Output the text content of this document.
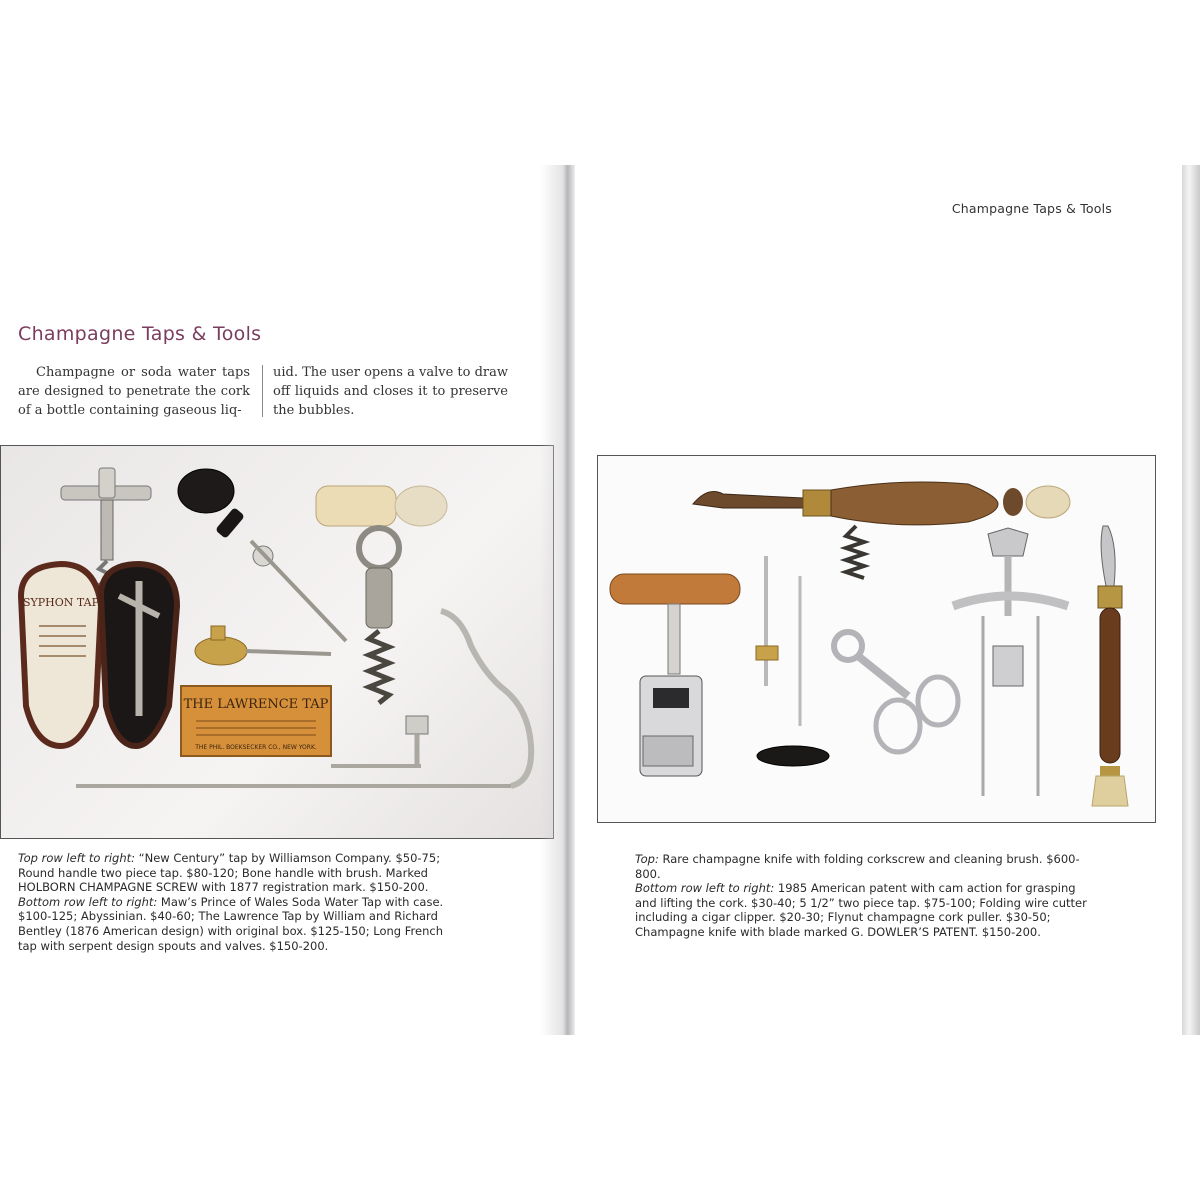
Champagne Taps & Tools
Champagne or soda water taps are designed to penetrate the cork of a bottle containing gaseous liq-
uid. The user opens a valve to draw off liquids and closes it to preserve the bubbles.
SYPHON TAP
THE LAWRENCE TAP
THE PHIL. BOEKSECKER CO., NEW YORK.

Top row left to right: “New Century” tap by Williamson Company. $50-75; Round handle two piece tap. $80-120; Bone handle with brush. Marked HOLBORN CHAMPAGNE SCREW with 1877 registration mark. $150-200. Bottom row left to right: Maw’s Prince of Wales Soda Water Tap with case. $100-125; Abyssinian. $40-60; The Lawrence Tap by William and Richard Bentley (1876 American design) with original box. $125-150; Long French tap with serpent design spouts and valves. $150-200.

Champagne Taps & Tools

Top: Rare champagne knife with folding corkscrew and cleaning brush. $600-800.
Bottom row left to right: 1985 American patent with cam action for grasping and lifting the cork. $30-40; 5 1/2” two piece tap. $75-100; Folding wire cutter including a cigar clipper. $20-30; Flynut champagne cork puller. $30-50; Champagne knife with blade marked G. DOWLER’S PATENT. $150-200.
